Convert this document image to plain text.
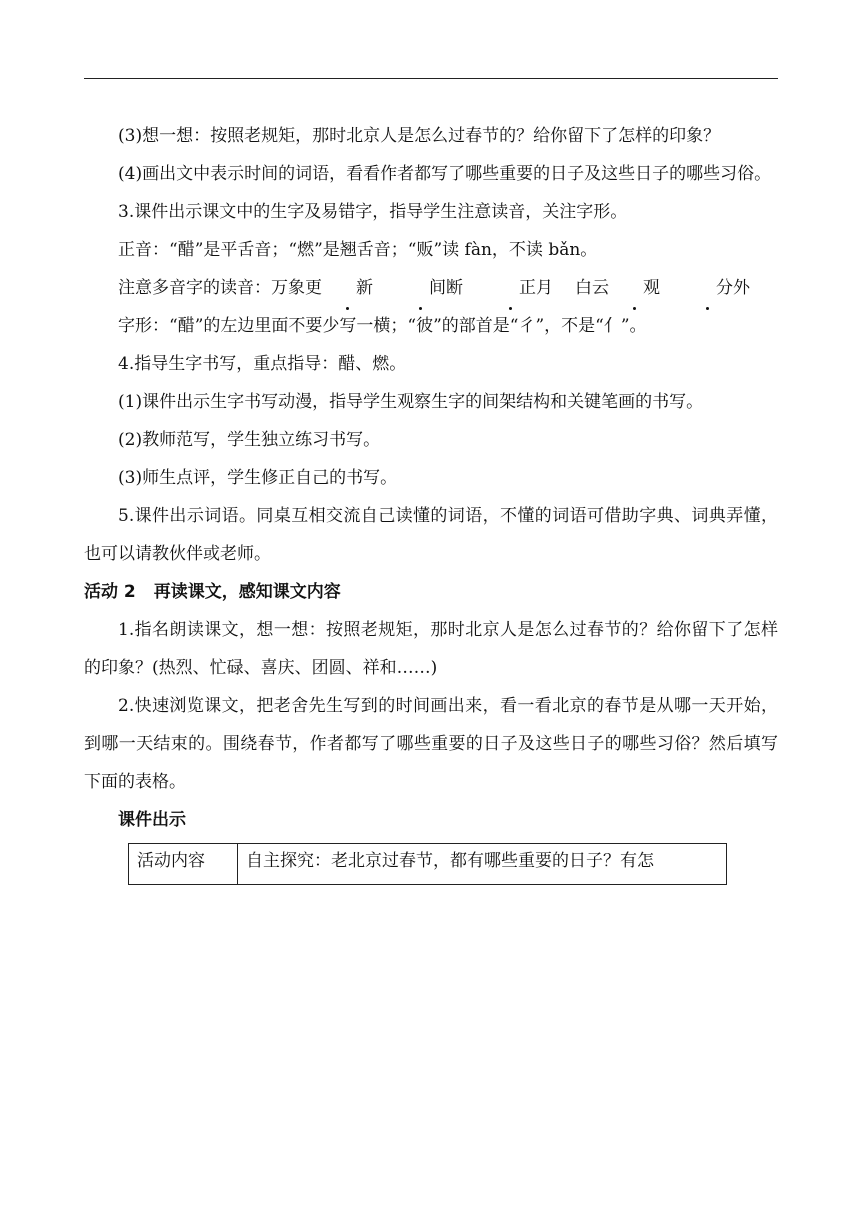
(3)想一想：按照老规矩，那时北京人是怎么过春节的？给你留下了怎样的印象？

(4)画出文中表示时间的词语，看看作者都写了哪些重要的日子及这些日子的哪些习俗。

3.课件出示课文中的生字及易错字，指导学生注意读音，关注字形。

正音：“醋”是平舌音；“燃”是翘舌音；“贩”读 fàn，不读 bǎn。

注意多音字的读音：万象更 新	间断	正月 白云 观	分外

字形：“醋”的左边里面不要少写一横；“彼”的部首是“彳”，不是“亻”。

4.指导生字书写，重点指导：醋、燃。

(1)课件出示生字书写动漫，指导学生观察生字的间架结构和关键笔画的书写。

(2)教师范写，学生独立练习书写。

(3)师生点评，学生修正自己的书写。

5.课件出示词语。同桌互相交流自己读懂的词语，不懂的词语可借助字典、词典弄懂，也可以请教伙伴或老师。

活动 2 再读课文，感知课文内容

1.指名朗读课文，想一想：按照老规矩，那时北京人是怎么过春节的？给你留下了怎样的印象？(热烈、忙碌、喜庆、团圆、祥和……)

2.快速浏览课文，把老舍先生写到的时间画出来，看一看北京的春节是从哪一天开始，到哪一天结束的。围绕春节，作者都写了哪些重要的日子及这些日子的哪些习俗？然后填写下面的表格。

课件出示

活动内容	自主探究：老北京过春节，都有哪些重要的日子？有怎
